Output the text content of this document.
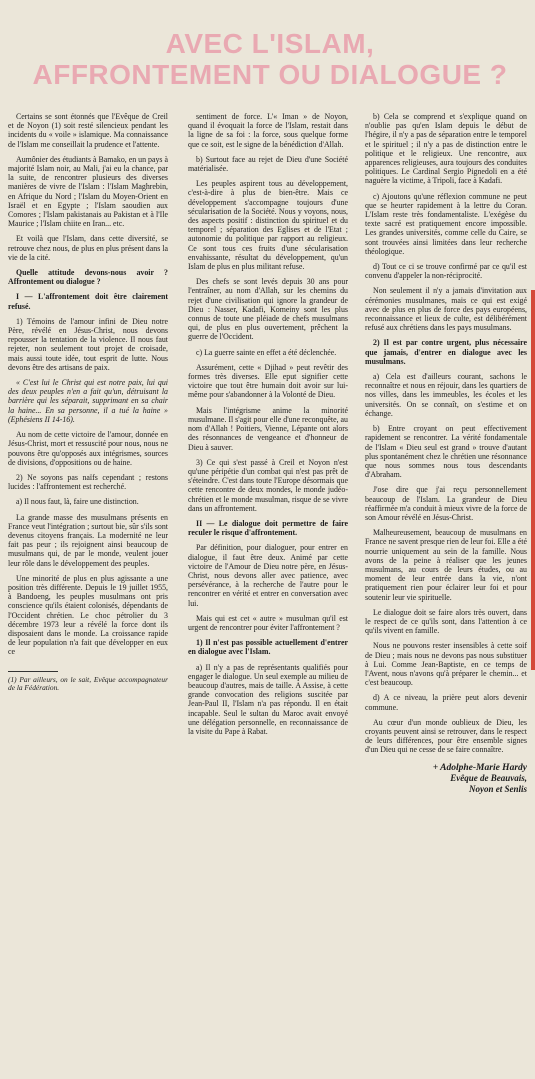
AVEC L'ISLAM,
AFFRONTEMENT OU DIALOGUE ?

Certains se sont étonnés que l'Evêque de Creil et de Noyon (1) soit resté silencieux pendant les incidents du « voile » islamique. Ma connaissance de l'Islam me conseillait la prudence et l'attente.

Aumônier des étudiants à Bamako, en un pays à majorité Islam noir, au Mali, j'ai eu la chance, par la suite, de rencontrer plusieurs des diverses manières de vivre de l'Islam : l'Islam Maghrebin, en Afrique du Nord ; l'Islam du Moyen-Orient en Israël et en Egypte ; l'Islam saoudien aux Comores ; l'Islam pakistanais au Pakistan et à l'Ile Maurice ; l'Islam chiite en Iran... etc.

Et voilà que l'Islam, dans cette diversité, se retrouve chez nous, de plus en plus présent dans la vie de la cité.

Quelle attitude devons-nous avoir ? Affrontement ou dialogue ?

I — L'affrontement doit être clairement refusé.

1) Témoins de l'amour infini de Dieu notre Père, révélé en Jésus-Christ, nous devons repousser la tentation de la violence. Il nous faut rejeter, non seulement tout projet de croisade, mais aussi toute idée, tout esprit de lutte. Nous devons être des artisans de paix.

« C'est lui le Christ qui est notre paix, lui qui des deux peuples n'en a fait qu'un, détruisant la barrière qui les séparait, supprimant en sa chair la haine... En sa personne, il a tué la haine » (Ephésiens II 14-16).

Au nom de cette victoire de l'amour, donnée en Jésus-Christ, mort et ressuscité pour nous, nous ne pouvons être qu'opposés aux intégrismes, sources de divisions, d'oppositions ou de haine.

2) Ne soyons pas naïfs cependant ; restons lucides : l'affrontement est recherché.

a) Il nous faut, là, faire une distinction.

La grande masse des musulmans présents en France veut l'intégration ; surtout bie, sûr s'ils sont devenus citoyens français. La modernité ne leur fait pas peur ; ils rejoignent ainsi beaucoup de musulmans qui, de par le monde, veulent jouer leur rôle dans le développement des peuples.

Une minorité de plus en plus agissante a une position très différente. Depuis le 19 juillet 1955, à Bandoeng, les peuples musulmans ont pris conscience qu'ils étaient colonisés, dépendants de l'Occident chrétien. Le choc pétrolier du 3 décembre 1973 leur a révélé la force dont ils disposaient dans le monde. La croissance rapide de leur population n'a fait que développer en eux ce

(1) Par ailleurs, on le sait, Evêque accompagnateur de la Fédération.

sentiment de force. L'« Iman » de Noyon, quand il évoquait la force de l'Islam, restait dans la ligne de sa foi : la force, sous quelque forme que ce soit, est le signe de la bénédiction d'Allah.

b) Surtout face au rejet de Dieu d'une Société matérialisée.

Les peuples aspirent tous au développement, c'est-à-dire à plus de bien-être. Mais ce développement s'accompagne toujours d'une sécularisation de la Société. Nous y voyons, nous, des aspects positif : distinction du spirituel et du temporel ; séparation des Eglises et de l'Etat ; autonomie du politique par rapport au religieux. Ce sont tous ces fruits d'une sécularisation envahissante, résultat du développement, qu'un Islam de plus en plus militant refuse.

Des chefs se sont levés depuis 30 ans pour l'entraîner, au nom d'Allah, sur les chemins du rejet d'une civilisation qui ignore la grandeur de Dieu : Nasser, Kadafi, Komeiny sont les plus connus de toute une pléiade de chefs musulmans qui, de plus en plus ouvertement, prêchent la guerre de l'Occident.

c) La guerre sainte en effet a été déclenchée.

Assurément, cette « Djihad » peut revêtir des formes très diverses. Elle eput signifier cette victoire que tout être humain doit avoir sur lui-même pour s'abandonner à la Volonté de Dieu.

Mais l'intégrisme anime la minorité musulmane. Il s'agit pour elle d'une reconquête, au nom d'Allah ! Poitiers, Vienne, Lépante ont alors des résonnances de vengeance et d'honneur de Dieu à sauver.

3) Ce qui s'est passé à Creil et Noyon n'est qu'une péripétie d'un combat qui n'est pas prêt de s'éteindre. C'est dans toute l'Europe désormais que cette rencontre de deux mondes, le monde judéo-chrétien et le monde musulman, risque de se vivre dans un affrontement.

II — Le dialogue doit permettre de faire reculer le risque d'affrontement.

Par définition, pour dialoguer, pour entrer en dialogue, il faut être deux. Animé par cette victoire de l'Amour de Dieu notre père, en Jésus-Christ, nous devons aller avec patience, avec persévérance, à la recherche de l'autre pour le rencontrer en vérité et entrer en conversation avec lui.

Mais qui est cet « autre » musulman qu'il est urgent de rencontrer pour éviter l'affrontement ?

1) Il n'est pas possible actuellement d'entrer en dialogue avec l'Islam.

a) Il n'y a pas de représentants qualifiés pour engager le dialogue. Un seul exemple au milieu de beaucoup d'autres, mais de taille. A Assise, à cette grande convocation des religions suscitée par Jean-Paul II, l'Islam n'a pas répondu. Il en était incapable. Seul le sultan du Maroc avait envoyé une délégation personnelle, en reconnaissance de la visite du Pape à Rabat.

b) Cela se comprend et s'explique quand on n'oublie pas qu'en Islam depuis le début de l'hégire, il n'y a pas de séparation entre le temporel et le spirituel ; il n'y a pas de distinction entre le politique et le religieux. Une rencontre, aux apparences religieuses, aura toujours des conduites politiques. Le Cardinal Sergio Pignedoli en a été naguère la victime, à Tripoli, face à Kadafi.

c) Ajoutons qu'une réflexion commune ne peut que se heurter rapidement à la lettre du Coran. L'Islam reste très fondamentaliste. L'exégèse du texte sacré est pratiquement encore impossible. Les grandes universités, comme celle du Caire, se sont trouvées ainsi limitées dans leur recherche théologique.

d) Tout ce ci se trouve confirmé par ce qu'il est convenu d'appeler la non-réciprocité.

Non seulement il n'y a jamais d'invitation aux cérémonies musulmanes, mais ce qui est exigé avec de plus en plus de force des pays européens, reconnaissance et lieux de culte, est délibérément refusé aux chrétiens dans les pays musulmans.

2) Il est par contre urgent, plus nécessaire que jamais, d'entrer en dialogue avec les musulmans.

a) Cela est d'ailleurs courant, sachons le reconnaître et nous en réjouir, dans les quartiers de nos villes, dans les immeubles, les écoles et les universités. On se connaît, on s'estime et on échange.

b) Entre croyant on peut effectivement rapidement se rencontrer. La vérité fondamentale de l'Islam « Dieu seul est grand » trouve d'autant plus spontanément chez le chrétien une résonnance que nous sommes nous tous descendants d'Abraham.

J'ose dire que j'ai reçu personnellement beaucoup de l'Islam. La grandeur de Dieu réaffirmée m'a conduit à mieux vivre de la force de son Amour révélé en Jésus-Christ.

Malheureusement, beaucoup de musulmans en France ne savent presque rien de leur foi. Elle a été nourrie uniquement au sein de la famille. Nous avons de la peine à réaliser que les jeunes musulmans, au cours de leurs études, ou au moment de leur entrée dans la vie, n'ont pratiquement rien pour éclairer leur foi et pour soutenir leur vie spirituelle.

Le dialogue doit se faire alors très ouvert, dans le respect de ce qu'ils sont, dans l'attention à ce qu'ils vivent en famille.

Nous ne pouvons rester insensibles à cette soif de Dieu ; mais nous ne devons pas nous substituer à Lui. Comme Jean-Baptiste, en ce temps de l'Avent, nous n'avons qu'à préparer le chemin... et c'est beaucoup.

d) A ce niveau, la prière peut alors devenir commune.

Au cœur d'un monde oublieux de Dieu, les croyants peuvent ainsi se retrouver, dans le respect de leurs différences, pour être ensemble signes d'un Dieu qui ne cesse de se faire connaître.

+ Adolphe-Marie Hardy
Evêque de Beauvais,
Noyon et Senlis
